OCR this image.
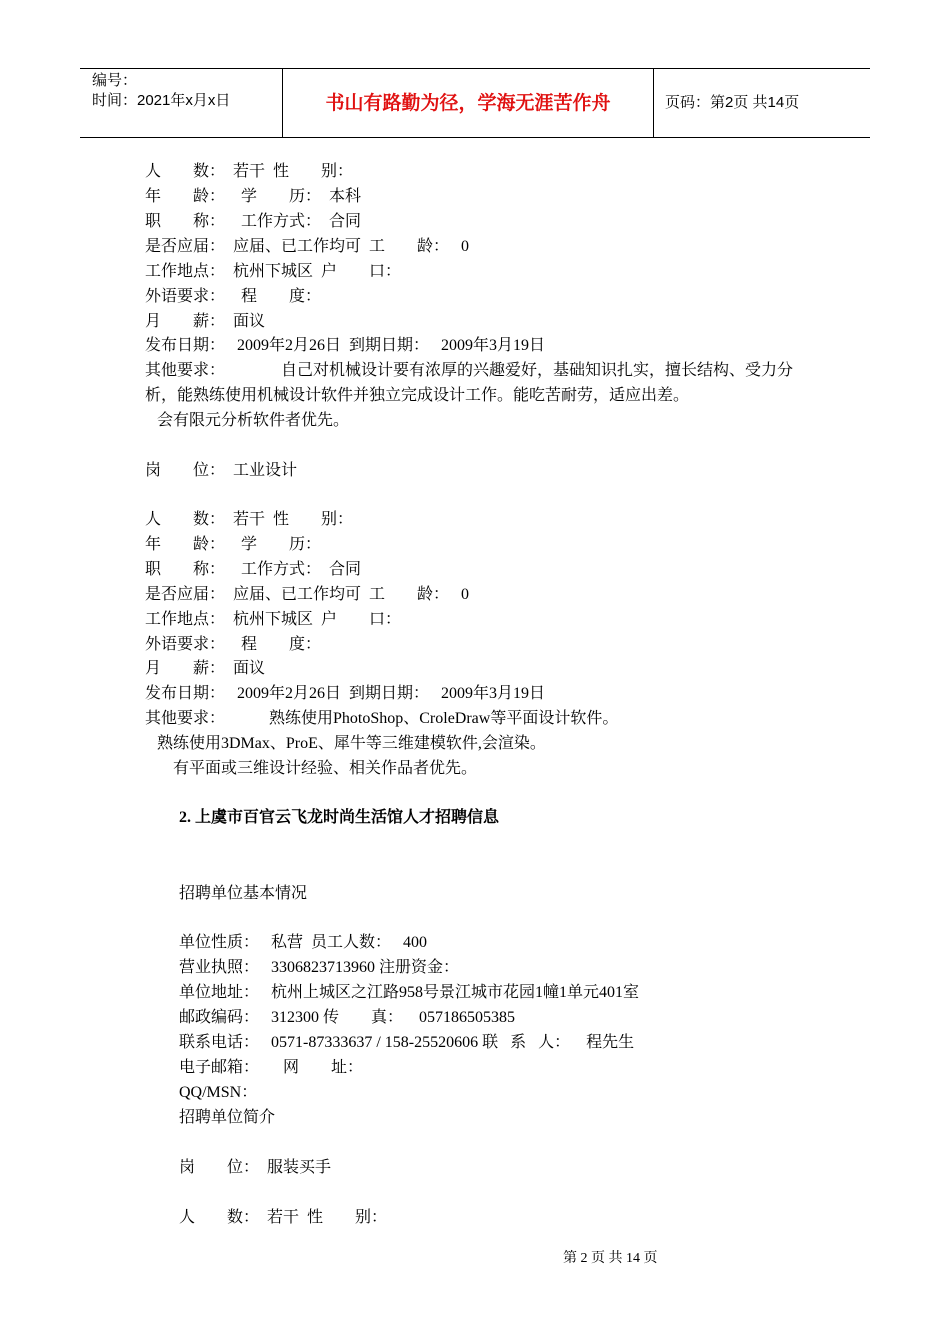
编号：
时间：2021年x月x日	书山有路勤为径，学海无涯苦作舟	页码：第2页 共14页
人        数：  若干  性        别：
年        龄：    学        历：  本科
职        称：    工作方式：  合同
是否应届：  应届、已工作均可  工        龄：   0
工作地点：  杭州下城区  户        口：
外语要求：    程        度：
月        薪：  面议
发布日期：   2009年2月26日  到期日期：   2009年3月19日
其他要求：              自己对机械设计要有浓厚的兴趣爱好，基础知识扎实，擅长结构、受力分
析，能熟练使用机械设计软件并独立完成设计工作。能吃苦耐劳，适应出差。
会有限元分析软件者优先。
岗        位：  工业设计
人        数：  若干  性        别：
年        龄：    学        历：
职        称：    工作方式：  合同
是否应届：  应届、已工作均可  工        龄：   0
工作地点：  杭州下城区  户        口：
外语要求：    程        度：
月        薪：  面议
发布日期：   2009年2月26日  到期日期：   2009年3月19日
其他要求：           熟练使用PhotoShop、CroleDraw等平面设计软件。
熟练使用3DMax、ProE、犀牛等三维建模软件,会渲染。
有平面或三维设计经验、相关作品者优先。
2. 上虞市百官云飞龙时尚生活馆人才招聘信息
招聘单位基本情况
单位性质：   私营  员工人数：   400
营业执照：   3306823713960 注册资金：
单位地址：   杭州上城区之江路958号景江城市花园1幢1单元401室
邮政编码：   312300 传        真：    057186505385
联系电话：   0571-87333637 / 158-25520606 联   系   人：    程先生
电子邮箱：      网        址：
QQ/MSN：
招聘单位简介
岗        位：  服装买手
人        数：  若干  性        别：
第 2 页 共 14 页
